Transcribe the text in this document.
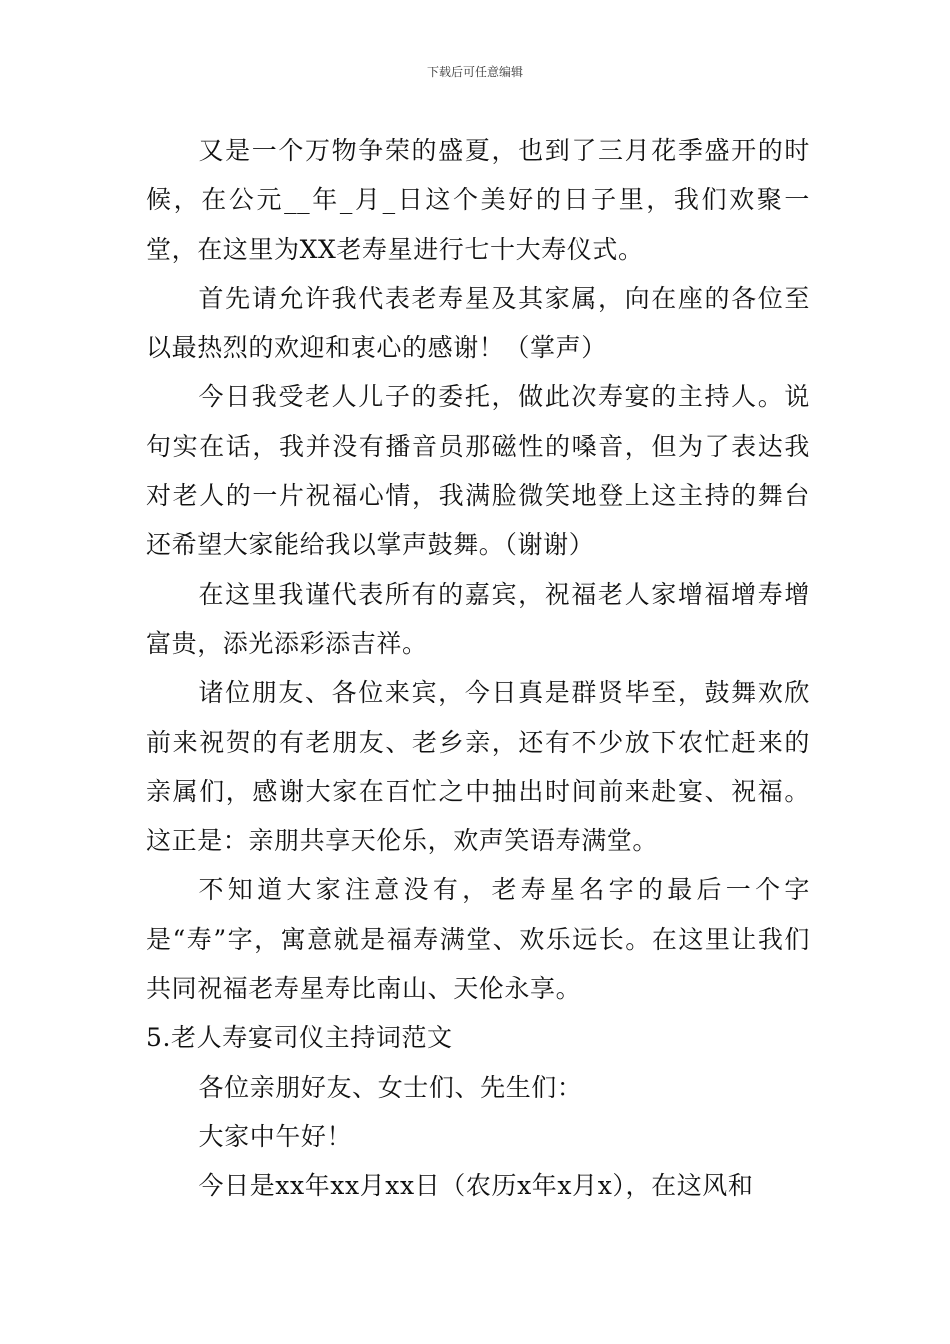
下载后可任意编辑

又是一个万物争荣的盛夏，也到了三月花季盛开的时候，在公元__年_月_日这个美好的日子里，我们欢聚一堂，在这里为XX老寿星进行七十大寿仪式。

首先请允许我代表老寿星及其家属，向在座的各位至以最热烈的欢迎和衷心的感谢！（掌声）

今日我受老人儿子的委托，做此次寿宴的主持人。说句实在话，我并没有播音员那磁性的嗓音，但为了表达我对老人的一片祝福心情，我满脸微笑地登上这主持的舞台还希望大家能给我以掌声鼓舞。（谢谢）

在这里我谨代表所有的嘉宾，祝福老人家增福增寿增富贵，添光添彩添吉祥。

诸位朋友、各位来宾，今日真是群贤毕至，鼓舞欢欣前来祝贺的有老朋友、老乡亲，还有不少放下农忙赶来的亲属们，感谢大家在百忙之中抽出时间前来赴宴、祝福。这正是：亲朋共享天伦乐，欢声笑语寿满堂。

不知道大家注意没有，老寿星名字的最后一个字是“寿”字，寓意就是福寿满堂、欢乐远长。在这里让我们共同祝福老寿星寿比南山、天伦永享。

5.老人寿宴司仪主持词范文

各位亲朋好友、女士们、先生们：

大家中午好！

今日是xx年xx月xx日（农历x年x月x），在这风和
